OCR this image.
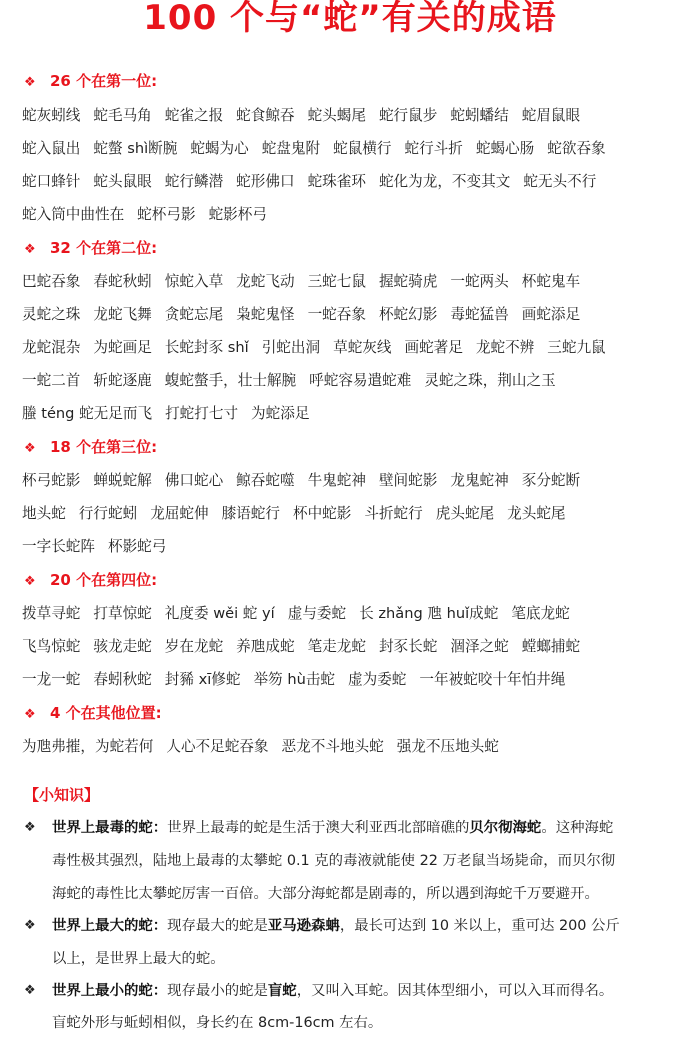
100 个与“蛇”有关的成语
❖ 26 个在第一位:
蛇灰蚓线 蛇毛马角 蛇雀之报 蛇食鲸吞 蛇头蝎尾 蛇行鼠步 蛇蚓蟠结 蛇眉鼠眼
蛇入鼠出 蛇螫 shì断腕 蛇蝎为心 蛇盘鬼附 蛇鼠横行 蛇行斗折 蛇蝎心肠 蛇欲吞象
蛇口蜂针 蛇头鼠眼 蛇行鳞潜 蛇形佛口 蛇珠雀环 蛇化为龙，不变其文 蛇无头不行
蛇入筒中曲性在 蛇杯弓影 蛇影杯弓
❖ 32 个在第二位:
巴蛇吞象 春蛇秋蚓 惊蛇入草 龙蛇飞动 三蛇七鼠 握蛇骑虎 一蛇两头 杯蛇鬼车
灵蛇之珠 龙蛇飞舞 贪蛇忘尾 枭蛇鬼怪 一蛇吞象 杯蛇幻影 毒蛇猛兽 画蛇添足
龙蛇混杂 为蛇画足 长蛇封豕 shǐ 引蛇出洞 草蛇灰线 画蛇著足 龙蛇不辨 三蛇九鼠
一蛇二首 斩蛇逐鹿 蝮蛇螫手，壮士解腕 呼蛇容易遣蛇难 灵蛇之珠，荆山之玉
螣 téng 蛇无足而飞 打蛇打七寸 为蛇添足
❖ 18 个在第三位:
杯弓蛇影 蝉蜕蛇解 佛口蛇心 鲸吞蛇噬 牛鬼蛇神 壁间蛇影 龙鬼蛇神 豕分蛇断
地头蛇 行行蛇蚓 龙屈蛇伸 膝语蛇行 杯中蛇影 斗折蛇行 虎头蛇尾 龙头蛇尾
一字长蛇阵 杯影蛇弓
❖ 20 个在第四位:
拨草寻蛇 打草惊蛇 礼度委 wěi 蛇 yí 虚与委蛇 长 zhǎng 虺 huǐ成蛇 笔底龙蛇
飞鸟惊蛇 骇龙走蛇 岁在龙蛇 养虺成蛇 笔走龙蛇 封豕长蛇 涸泽之蛇 螳螂捕蛇
一龙一蛇 春蚓秋蛇 封豨 xī修蛇 举笏 hù击蛇 虚为委蛇 一年被蛇咬十年怕井绳
❖ 4 个在其他位置:
为虺弗摧，为蛇若何 人心不足蛇吞象 恶龙不斗地头蛇 强龙不压地头蛇
【小知识】
❖ 世界上最毒的蛇：世界上最毒的蛇是生活于澳大利亚西北部暗礁的贝尔彻海蛇。这种海蛇
毒性极其强烈，陆地上最毒的太攀蛇 0.1 克的毒液就能使 22 万老鼠当场毙命，而贝尔彻
海蛇的毒性比太攀蛇厉害一百倍。大部分海蛇都是剧毒的，所以遇到海蛇千万要避开。
❖ 世界上最大的蛇：现存最大的蛇是亚马逊森蚺，最长可达到 10 米以上，重可达 200 公斤
以上，是世界上最大的蛇。
❖ 世界上最小的蛇：现存最小的蛇是盲蛇，又叫入耳蛇。因其体型细小，可以入耳而得名。
盲蛇外形与蚯蚓相似，身长约在 8cm-16cm 左右。
